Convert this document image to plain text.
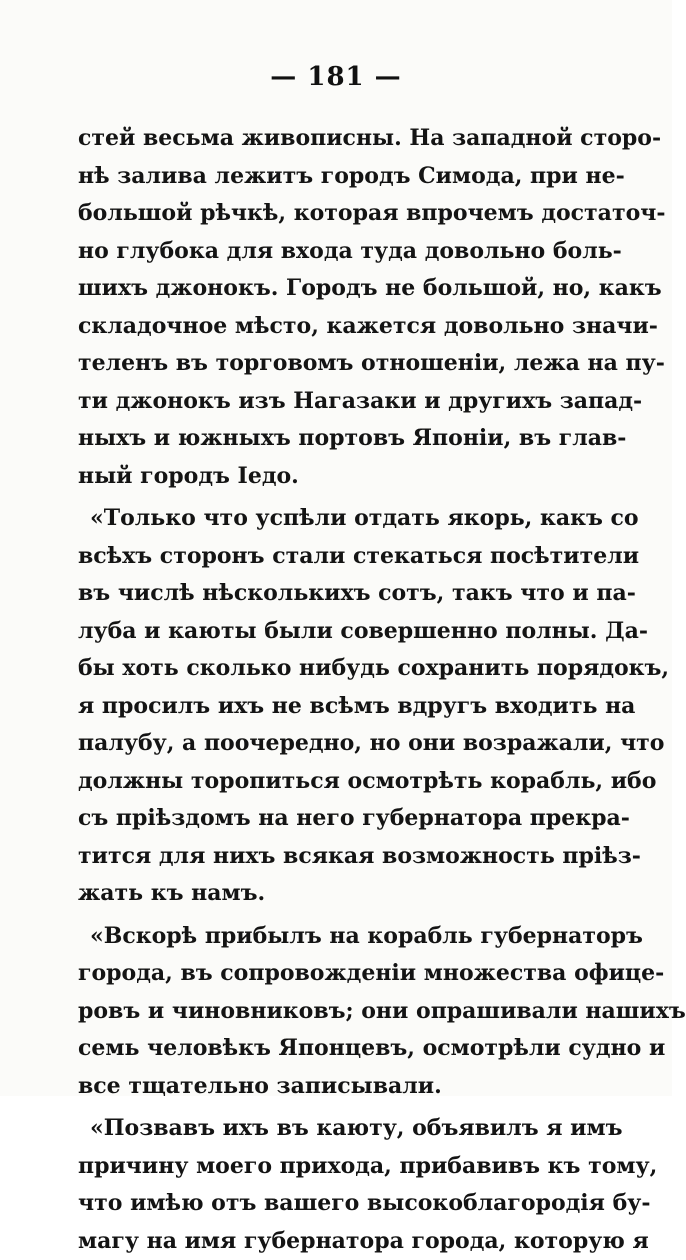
— 181 —
стей весьма живописны. На западной сторо-
нѣ залива лежитъ городъ Симода, при не-
большой рѣчкѣ, которая впрочемъ достаточ-
но глубока для входа туда довольно боль-
шихъ джонокъ. Городъ не большой, но, какъ
складочное мѣсто, кажется довольно значи-
теленъ въ торговомъ отношеніи, лежа на пу-
ти джонокъ изъ Нагазаки и другихъ запад-
ныхъ и южныхъ портовъ Японіи, въ глав-
ный городъ Іедо.
«Только что успѣли отдать якорь, какъ со
всѣхъ сторонъ стали стекаться посѣтители
въ числѣ нѣсколькихъ сотъ, такъ что и па-
луба и каюты были совершенно полны. Да-
бы хоть сколько нибудь сохранить порядокъ,
я просилъ ихъ не всѣмъ вдругъ входить на
палубу, а поочередно, но они возражали, что
должны торопиться осмотрѣть корабль, ибо
съ пріѣздомъ на него губернатора прекра-
тится для нихъ всякая возможность пріѣз-
жать къ намъ.
«Вскорѣ прибылъ на корабль губернаторъ
города, въ сопровожденіи множества офице-
ровъ и чиновниковъ; они опрашивали нашихъ
семь человѣкъ Японцевъ, осмотрѣли судно и
все тщательно записывали.
«Позвавъ ихъ въ каюту, объявилъ я имъ
причину моего прихода, прибавивъ къ тому,
что имѣю отъ вашего высокоблагородія бу-
магу на имя губернатора города, которую я
